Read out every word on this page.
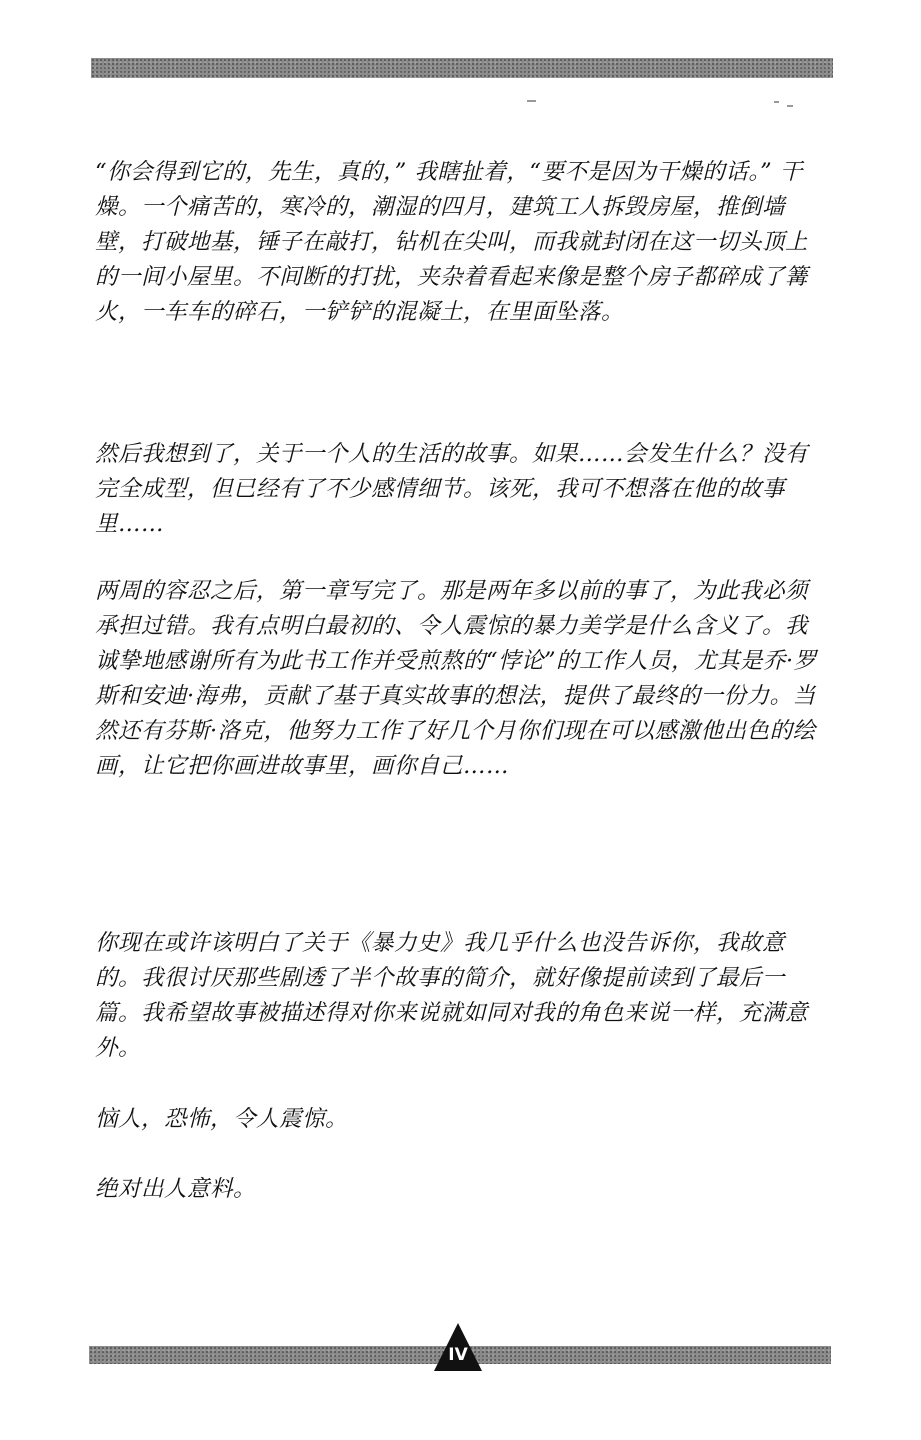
“你会得到它的，先生，真的，” 我瞎扯着，“要不是因为干燥的话。” 干燥。一个痛苦的，寒冷的，潮湿的四月，建筑工人拆毁房屋，推倒墙壁，打破地基，锤子在敲打，钻机在尖叫，而我就封闭在这一切头顶上的一间小屋里。不间断的打扰，夹杂着看起来像是整个房子都碎成了篝火，一车车的碎石，一铲铲的混凝土，在里面坠落。

然后我想到了，关于一个人的生活的故事。如果……会发生什么？没有完全成型，但已经有了不少感情细节。该死，我可不想落在他的故事里……

两周的容忍之后，第一章写完了。那是两年多以前的事了，为此我必须承担过错。我有点明白最初的、令人震惊的暴力美学是什么含义了。我诚挚地感谢所有为此书工作并受煎熬的“悖论”的工作人员，尤其是乔·罗斯和安迪·海弗，贡献了基于真实故事的想法，提供了最终的一份力。当然还有芬斯·洛克，他努力工作了好几个月你们现在可以感激他出色的绘画，让它把你画进故事里，画你自己……

你现在或许该明白了关于《暴力史》我几乎什么也没告诉你，我故意的。我很讨厌那些剧透了半个故事的简介，就好像提前读到了最后一篇。我希望故事被描述得对你来说就如同对我的角色来说一样，充满意外。

恼人，恐怖，令人震惊。

绝对出人意料。

IV
